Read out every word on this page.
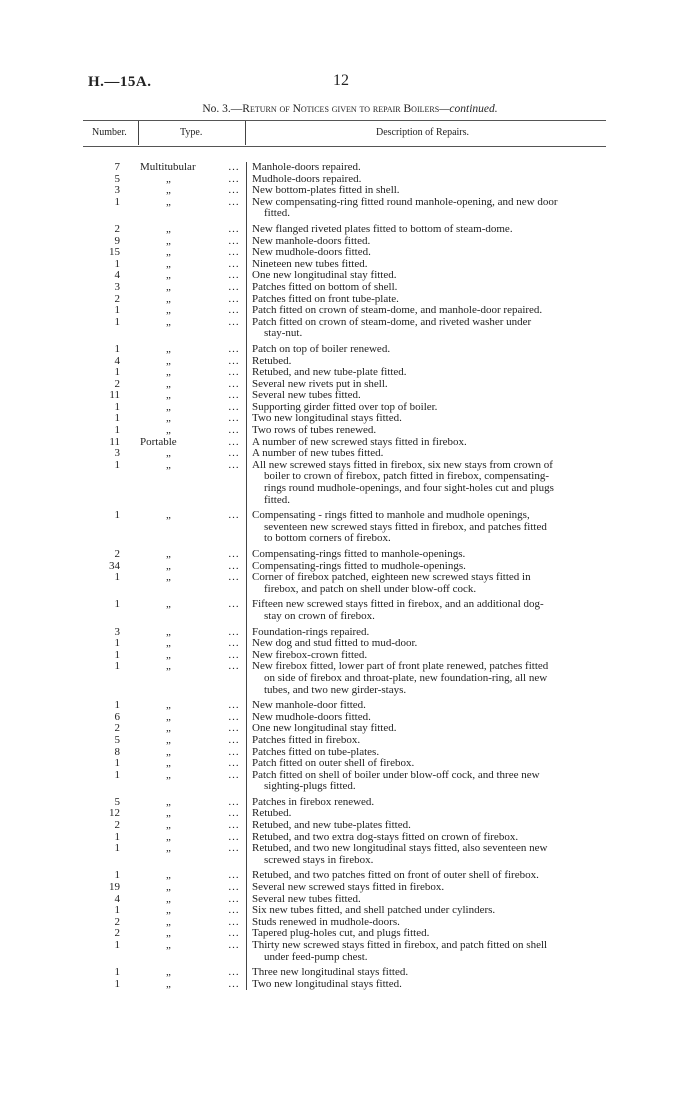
H.—15A.	12
No. 3.—Return of Notices given to repair Boilers—continued.
Number.	Type.	Description of Repairs.
7	Multitubular	...	Manhole-doors repaired.
5	„	...	Mudhole-doors repaired.
3	„	...	New bottom-plates fitted in shell.
1	„	...	New compensating-ring fitted round manhole-opening, and new door
fitted.
2	„	...	New flanged riveted plates fitted to bottom of steam-dome.
9	„	...	New manhole-doors fitted.
15	„	...	New mudhole-doors fitted.
1	„	...	Nineteen new tubes fitted.
4	„	...	One new longitudinal stay fitted.
3	„	...	Patches fitted on bottom of shell.
2	„	...	Patches fitted on front tube-plate.
1	„	...	Patch fitted on crown of steam-dome, and manhole-door repaired.
1	„	...	Patch fitted on crown of steam-dome, and riveted washer under
stay-nut.
1	„	...	Patch on top of boiler renewed.
4	„	...	Retubed.
1	„	...	Retubed, and new tube-plate fitted.
2	„	...	Several new rivets put in shell.
11	„	...	Several new tubes fitted.
1	„	...	Supporting girder fitted over top of boiler.
1	„	...	Two new longitudinal stays fitted.
1	„	...	Two rows of tubes renewed.
11	Portable	...	A number of new screwed stays fitted in firebox.
3	„	...	A number of new tubes fitted.
1	„	...	All new screwed stays fitted in firebox, six new stays from crown of
boiler to crown of firebox, patch fitted in firebox, compensating-
rings round mudhole-openings, and four sight-holes cut and plugs
fitted.
1	„	...	Compensating - rings fitted to manhole and mudhole openings,
seventeen new screwed stays fitted in firebox, and patches fitted
to bottom corners of firebox.
2	„	...	Compensating-rings fitted to manhole-openings.
34	„	...	Compensating-rings fitted to mudhole-openings.
1	„	...	Corner of firebox patched, eighteen new screwed stays fitted in
firebox, and patch on shell under blow-off cock.
1	„	...	Fifteen new screwed stays fitted in firebox, and an additional dog-
stay on crown of firebox.
3	„	...	Foundation-rings repaired.
1	„	...	New dog and stud fitted to mud-door.
1	„	...	New firebox-crown fitted.
1	„	...	New firebox fitted, lower part of front plate renewed, patches fitted
on side of firebox and throat-plate, new foundation-ring, all new
tubes, and two new girder-stays.
1	„	...	New manhole-door fitted.
6	„	...	New mudhole-doors fitted.
2	„	...	One new longitudinal stay fitted.
5	„	...	Patches fitted in firebox.
8	„	...	Patches fitted on tube-plates.
1	„	...	Patch fitted on outer shell of firebox.
1	„	...	Patch fitted on shell of boiler under blow-off cock, and three new
sighting-plugs fitted.
5	„	...	Patches in firebox renewed.
12	„	...	Retubed.
2	„	...	Retubed, and new tube-plates fitted.
1	„	...	Retubed, and two extra dog-stays fitted on crown of firebox.
1	„	...	Retubed, and two new longitudinal stays fitted, also seventeen new
screwed stays in firebox.
1	„	...	Retubed, and two patches fitted on front of outer shell of firebox.
19	„	...	Several new screwed stays fitted in firebox.
4	„	...	Several new tubes fitted.
1	„	...	Six new tubes fitted, and shell patched under cylinders.
2	„	...	Studs renewed in mudhole-doors.
2	„	...	Tapered plug-holes cut, and plugs fitted.
1	„	...	Thirty new screwed stays fitted in firebox, and patch fitted on shell
under feed-pump chest.
1	„	...	Three new longitudinal stays fitted.
1	„	...	Two new longitudinal stays fitted.
